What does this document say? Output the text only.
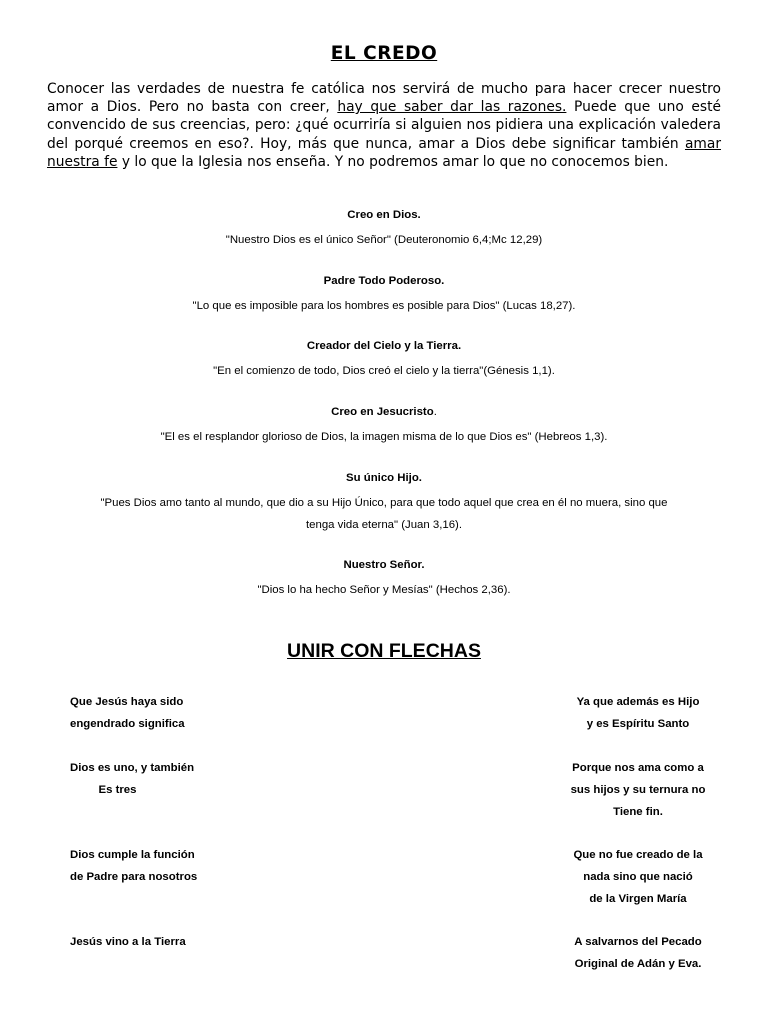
EL CREDO

Conocer las verdades de nuestra fe católica nos servirá de mucho para hacer crecer nuestro amor a Dios. Pero no basta con creer, hay que saber dar las razones. Puede que uno esté convencido de sus creencias, pero: ¿qué ocurriría si alguien nos pidiera una explicación valedera del porqué creemos en eso?. Hoy, más que nunca, amar a Dios debe significar también amar nuestra fe y lo que la Iglesia nos enseña. Y no podremos amar lo que no conocemos bien.

Creo en Dios.

"Nuestro Dios es el único Señor" (Deuteronomio 6,4;Mc 12,29)

Padre Todo Poderoso.

"Lo que es imposible para los hombres es posible para Dios" (Lucas 18,27).

Creador del Cielo y la Tierra.

"En el comienzo de todo, Dios creó el cielo y la tierra"(Génesis 1,1).

Creo en Jesucristo.

"El es el resplandor glorioso de Dios, la imagen misma de lo que Dios es" (Hebreos 1,3).

Su único Hijo.

"Pues Dios amo tanto al mundo, que dio a su Hijo Único, para que todo aquel que crea en él no muera, sino que
tenga vida eterna" (Juan 3,16).

Nuestro Señor.

"Dios lo ha hecho Señor y Mesías" (Hechos 2,36).

UNIR CON FLECHAS
Que Jesús haya sido
engendrado significa
Dios es uno, y también
Es tres
Dios cumple la función
de Padre para nosotros
Jesús vino a la Tierra
Ya que además es Hijo
y es Espíritu Santo
Porque nos ama como a
sus hijos y su ternura no
Tiene fin.
Que no fue creado de la
nada sino que nació
de la Virgen María
A salvarnos del Pecado
Original de Adán y Eva.
